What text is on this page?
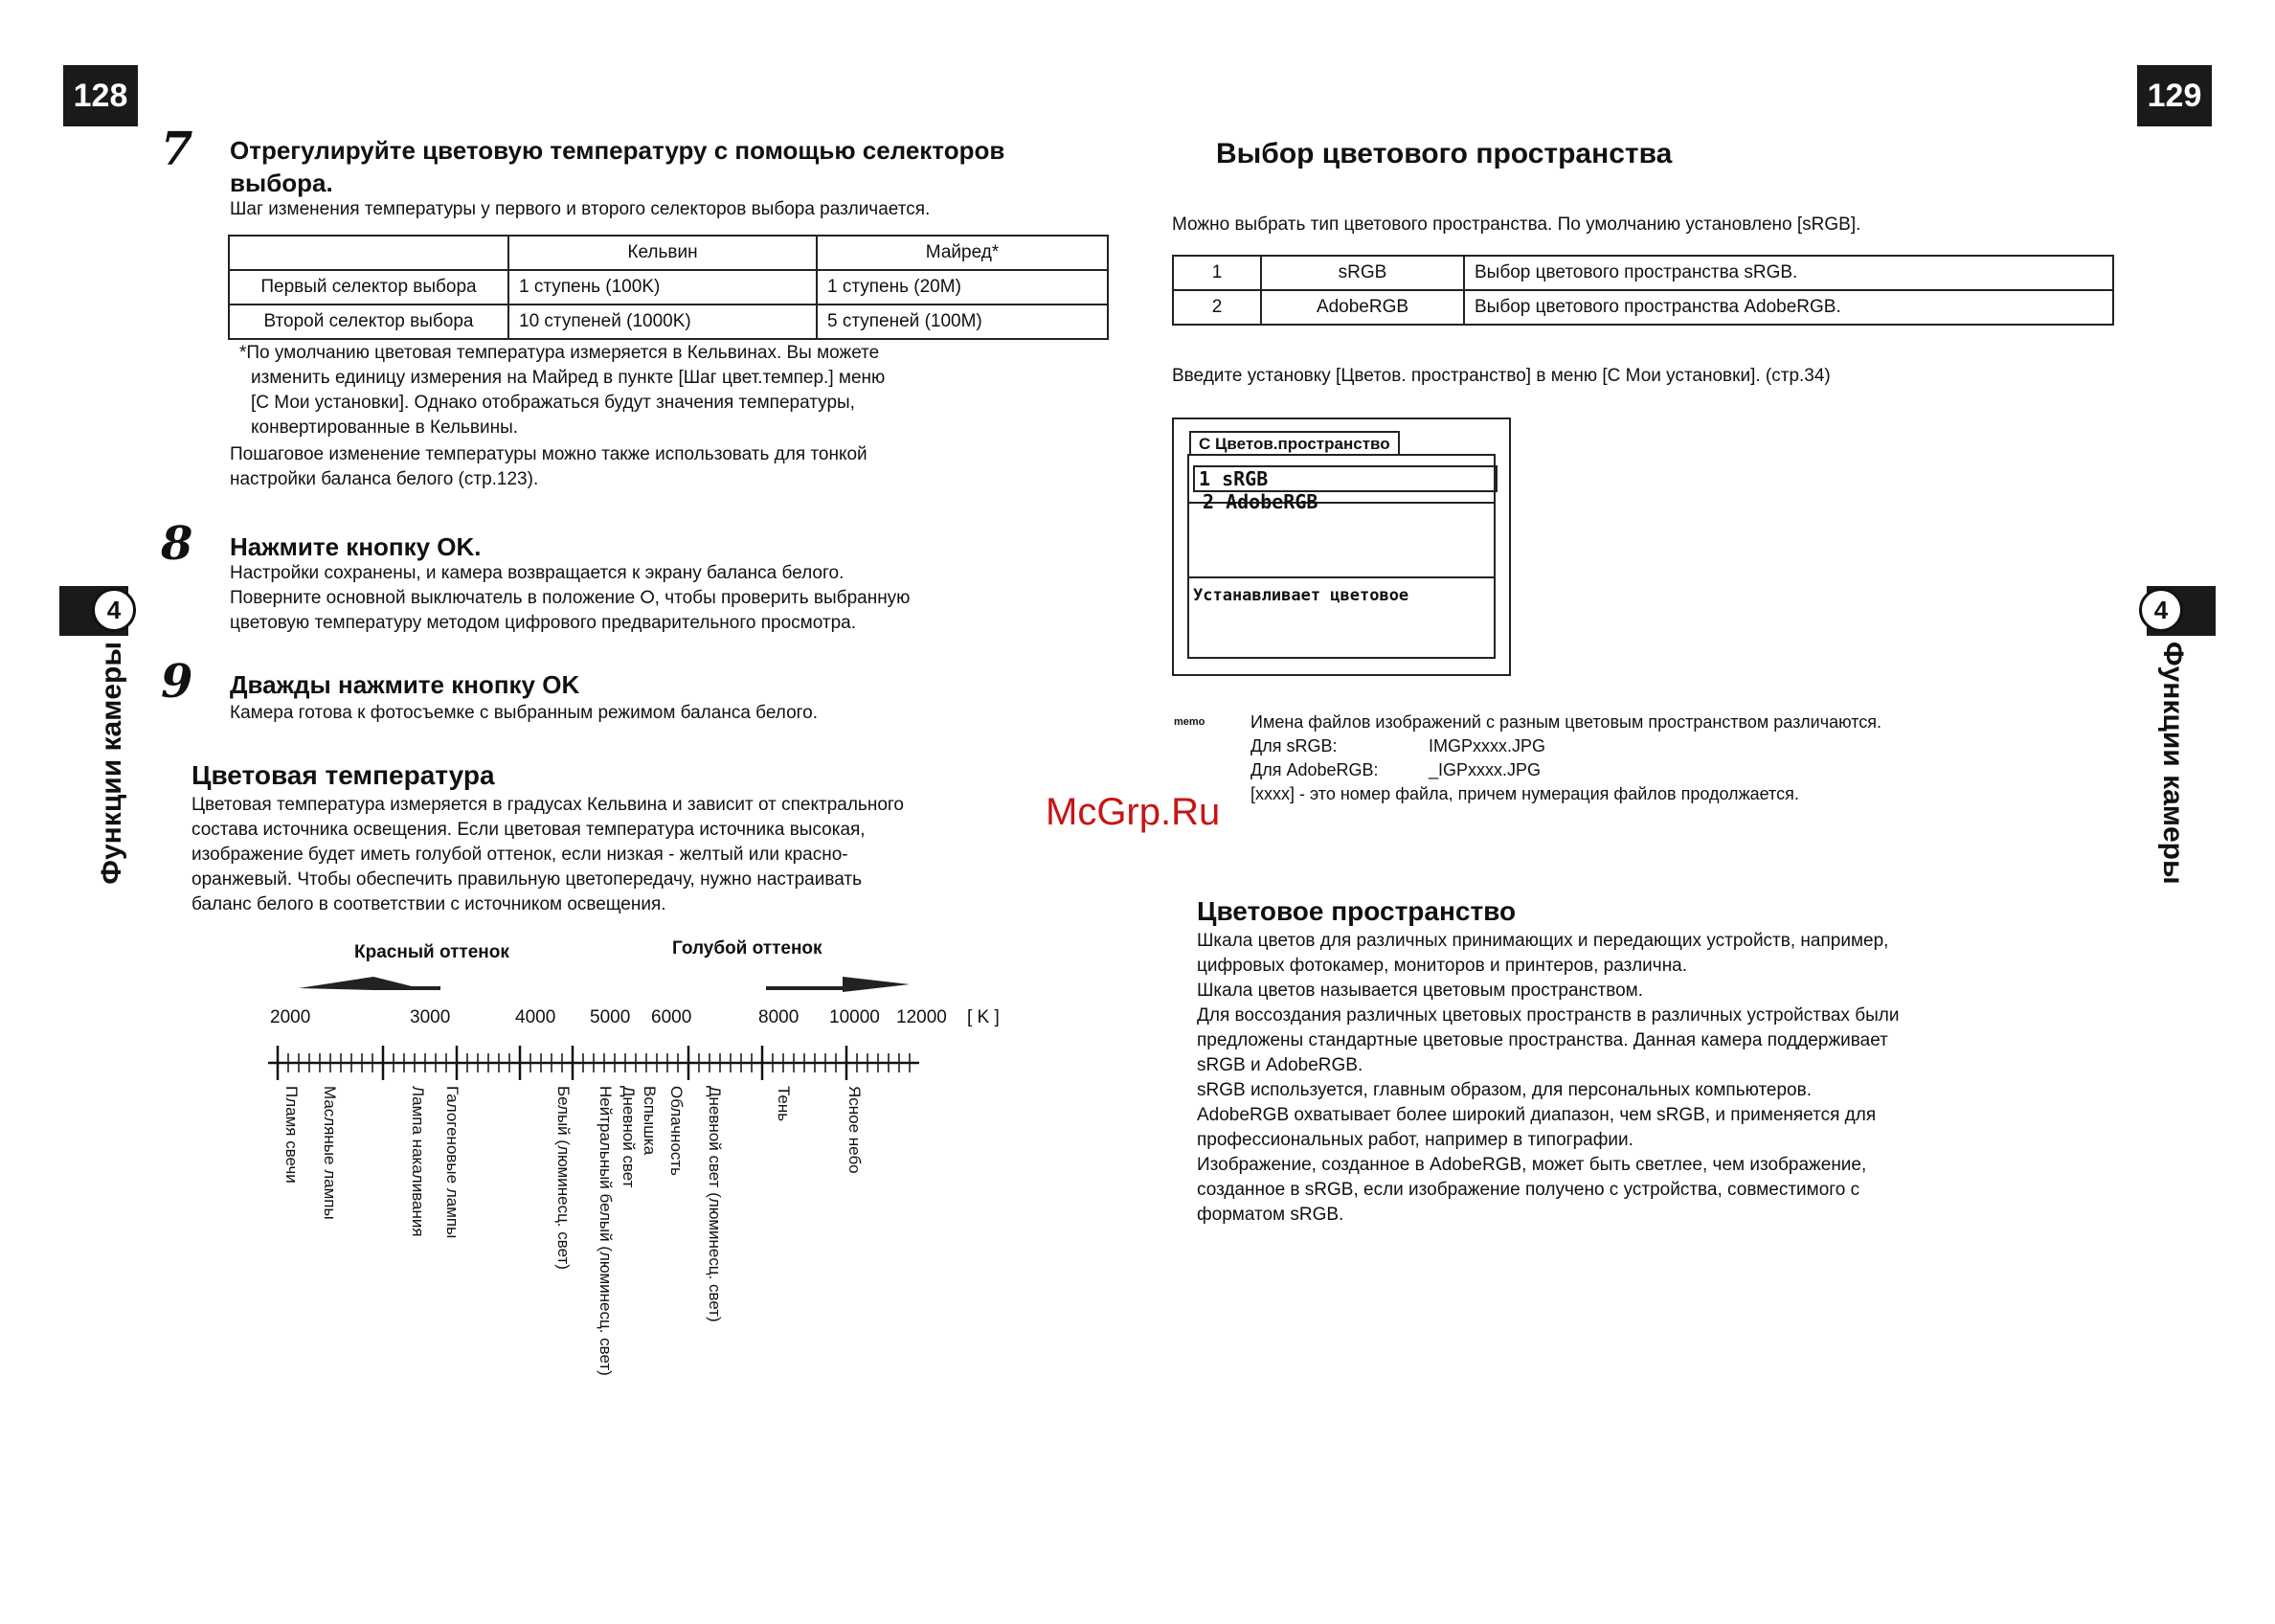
128
4
Функции камеры
7 Отрегулируйте цветовую температуру с помощью селекторов
выбора.
Шаг изменения температуры у первого и второго селекторов выбора различается.
	Кельвин	Майред*
Первый селектор выбора	1 ступень (100K)	1 ступень (20M)
Второй селектор выбора	10 ступеней (1000K)	5 ступеней (100M)
*По умолчанию цветовая температура измеряется в Кельвинах. Вы можете
изменить единицу измерения на Майред в пункте [Шаг цвет.темпер.] меню
[C Мои установки]. Однако отображаться будут значения температуры,
конвертированные в Кельвины.
Пошаговое изменение температуры можно также использовать для тонкой
настройки баланса белого (стр.123).
8 Нажмите кнопку OK.
Настройки сохранены, и камера возвращается к экрану баланса белого.
Поверните основной выключатель в положение ⭘, чтобы проверить выбранную
цветовую температуру методом цифрового предварительного просмотра.
9 Дважды нажмите кнопку OK
Камера готова к фотосъемке с выбранным режимом баланса белого.
Цветовая температура
Цветовая температура измеряется в градусах Кельвина и зависит от спектрального
состава источника освещения. Если цветовая температура источника высокая,
изображение будет иметь голубой оттенок, если низкая - желтый или красно-
оранжевый. Чтобы обеспечить правильную цветопередачу, нужно настраивать
баланс белого в соответствии с источником освещения.
Красный оттенок	Голубой оттенок
2000	3000	4000 5000 6000	8000 10000 12000 [ K ]
Пламя свечи Масляные лампы	Лампа накаливания Галогеновые лампы	Белый (люминесц. свет) Нейтральный белый (люминесц. свет) Дневной свет Вспышка Облачность Дневной свет (люминесц. свет)	Тень	Ясное небо
McGrp.Ru
129
4
Функции камеры
Выбор цветового пространства
Можно выбрать тип цветового пространства. По умолчанию установлено [sRGB].
1	sRGB	Выбор цветового пространства sRGB.
2	AdobeRGB	Выбор цветового пространства AdobeRGB.
Введите установку [Цветов. пространство] в меню [C Мои установки]. (стр.34)
C Цветов.пространство
1 sRGB
2 AdobeRGB
Устанавливает цветовое
memo	Имена файлов изображений с разным цветовым пространством различаются.
Для sRGB:	IMGPxxxx.JPG
Для AdobeRGB:	_IGPxxxx.JPG
[xxxx] - это номер файла, причем нумерация файлов продолжается.
Цветовое пространство
Шкала цветов для различных принимающих и передающих устройств, например,
цифровых фотокамер, мониторов и принтеров, различна.
Шкала цветов называется цветовым пространством.
Для воссоздания различных цветовых пространств в различных устройствах были
предложены стандартные цветовые пространства. Данная камера поддерживает
sRGB и AdobeRGB.
sRGB используется, главным образом, для персональных компьютеров.
AdobeRGB охватывает более широкий диапазон, чем sRGB, и применяется для
профессиональных работ, например в типографии.
Изображение, созданное в AdobeRGB, может быть светлее, чем изображение,
созданное в sRGB, если изображение получено с устройства, совместимого с
форматом sRGB.
